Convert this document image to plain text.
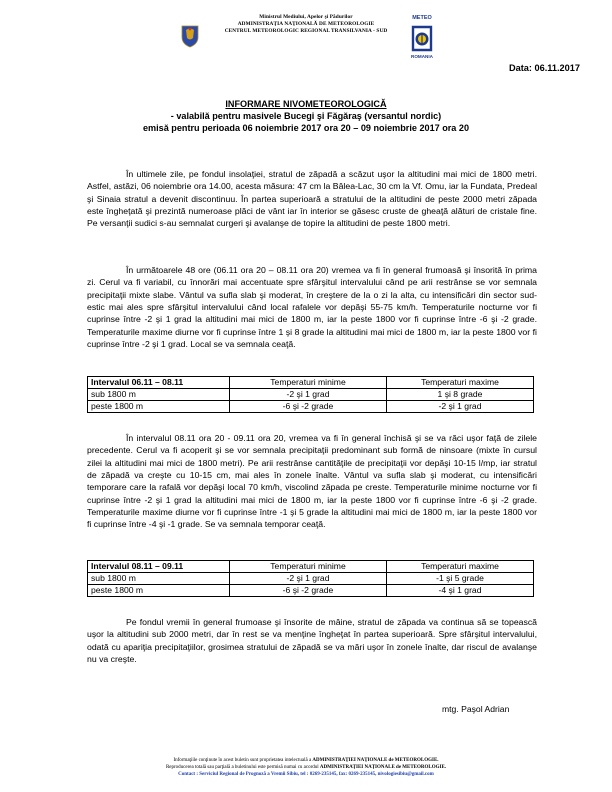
Ministrul Mediului, Apelor şi Pădurilor
ADMINISTRAŢIA NAŢIONALĂ DE METEOROLOGIE
CENTRUL METEOROLOGIC REGIONAL TRANSILVANIA - SUD
METEO
ROMANIA
Data: 06.11.2017
INFORMARE NIVOMETEOROLOGICĂ
- valabilă pentru masivele Bucegi şi Făgăraş (versantul nordic)
emisă pentru perioada 06 noiembrie 2017 ora 20 – 09 noiembrie 2017 ora 20
În ultimele zile, pe fondul insolaţiei, stratul de zăpadă a scăzut uşor la altitudini mai mici de 1800 metri. Astfel, astăzi, 06 noiembrie ora 14.00, acesta măsura: 47 cm la Bâlea-Lac, 30 cm la Vf. Omu, iar la Fundata, Predeal şi Sinaia stratul a devenit discontinuu. În partea superioară a stratului de la altitudini de peste 2000 metri zăpada este îngheţată şi prezintă numeroase plăci de vânt iar în interior se găsesc cruste de gheaţă alături de cristale fine. Pe versanţii sudici s-au semnalat curgeri şi avalanşe de topire la altitudini de peste 1800 metri.
În următoarele 48 ore (06.11 ora 20 – 08.11 ora 20) vremea va fi în general frumoasă şi însorită în prima zi. Cerul va fi variabil, cu înnorări mai accentuate spre sfârşitul intervalului când pe arii restrânse se vor semnala precipitaţii mixte slabe. Vântul va sufla slab şi moderat, în creştere de la o zi la alta, cu intensificări din sector sud-estic mai ales spre sfârşitul intervalului când local rafalele vor depăşi 55-75 km/h. Temperaturile nocturne vor fi cuprinse între -2 şi 1 grad la altitudini mai mici de 1800 m, iar la peste 1800 vor fi cuprinse între -6 şi -2 grade. Temperaturile maxime diurne vor fi cuprinse între 1 şi 8 grade la altitudini mai mici de 1800 m, iar la peste 1800 vor fi cuprinse între -2 şi 1 grad. Local se va semnala ceaţă.
Intervalul 06.11 – 08.11	Temperaturi minime	Temperaturi maxime
sub 1800 m	-2 şi 1 grad	1 şi 8 grade
peste 1800 m	-6 şi -2 grade	-2 şi 1 grad
În intervalul 08.11 ora 20 - 09.11 ora 20, vremea va fi în general închisă şi se va răci uşor faţă de zilele precedente. Cerul va fi acoperit şi se vor semnala precipitaţii predominant sub formă de ninsoare (mixte în cursul zilei la altitudini mai mici de 1800 metri). Pe arii restrânse cantităţile de precipitaţii vor depăşi 10-15 l/mp, iar stratul de zăpadă va creşte cu 10-15 cm, mai ales în zonele înalte. Vântul va sufla slab şi moderat, cu intensificări temporare care la rafală vor depăşi local 70 km/h, viscolind zăpada pe creste. Temperaturile minime nocturne vor fi cuprinse între -2 şi 1 grad la altitudini mai mici de 1800 m, iar la peste 1800 vor fi cuprinse între -6 şi -2 grade. Temperaturile maxime diurne vor fi cuprinse între -1 şi 5 grade la altitudini mai mici de 1800 m, iar la peste 1800 vor fi cuprinse între -4 şi -1 grade. Se va semnala temporar ceaţă.
Intervalul 08.11 – 09.11	Temperaturi minime	Temperaturi maxime
sub 1800 m	-2 şi 1 grad	-1 şi 5 grade
peste 1800 m	-6 şi -2 grade	-4 şi 1 grad
Pe fondul vremii în general frumoase şi însorite de mâine, stratul de zăpada va continua să se topească uşor la altitudini sub 2000 metri, dar în rest se va menţine îngheţat în partea superioară. Spre sfârşitul intervalului, odată cu apariţia precipitaţiilor, grosimea stratului de zăpadă se va mări uşor în zonele înalte, dar riscul de avalanşe nu va creşte.
mtg. Paşol Adrian
Informaţiile conţinute în acest buletin sunt proprietatea intelectuală a ADMINISTRAŢIEI NAŢIONALE de METEOROLOGIE.
Reproducerea totală sau parţială a buletinului este permisă numai cu acordul ADMINISTRAŢIEI NAŢIONALE de METEOROLOGIE.
Contact : Serviciul Regional de Prognoză a Vremii Sibiu, tel : 0269-235145, fax: 0269-235145, nivologiesibiu@gmail.com
